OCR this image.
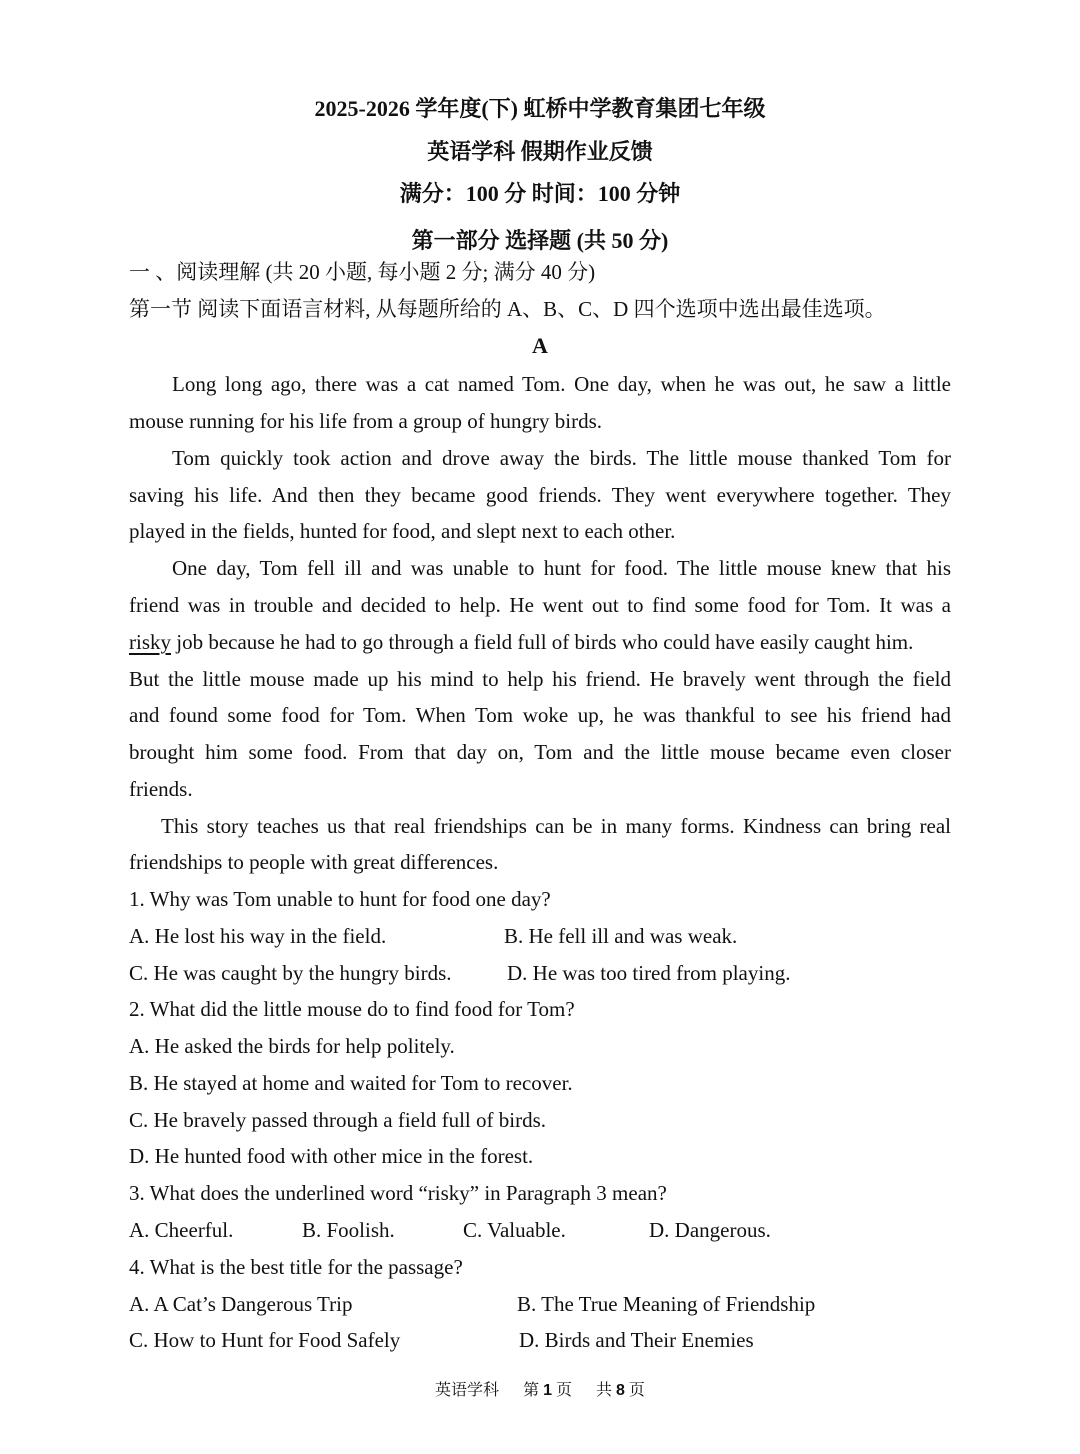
2025-2026 学年度(下) 虹桥中学教育集团七年级
英语学科 假期作业反馈
满分：100 分 时间：100 分钟
第一部分 选择题 (共 50 分)
一 、阅读理解 (共 20 小题, 每小题 2 分; 满分 40 分)
第一节 阅读下面语言材料, 从每题所给的 A、B、C、D 四个选项中选出最佳选项。
A
Long long ago, there was a cat named Tom. One day, when he was out, he saw a little
mouse running for his life from a group of hungry birds.
Tom quickly took action and drove away the birds. The little mouse thanked Tom for
saving his life. And then they became good friends. They went everywhere together. They
played in the fields, hunted for food, and slept next to each other.
One day, Tom fell ill and was unable to hunt for food. The little mouse knew that his
friend was in trouble and decided to help. He went out to find some food for Tom. It was a
risky job because he had to go through a field full of birds who could have easily caught him.
But the little mouse made up his mind to help his friend. He bravely went through the field
and found some food for Tom. When Tom woke up, he was thankful to see his friend had
brought him some food. From that day on, Tom and the little mouse became even closer
friends.
This story teaches us that real friendships can be in many forms. Kindness can bring real
friendships to people with great differences.
1. Why was Tom unable to hunt for food one day?
A. He lost his way in the field.	B. He fell ill and was weak.
C. He was caught by the hungry birds.	D. He was too tired from playing.
2. What did the little mouse do to find food for Tom?
A. He asked the birds for help politely.
B. He stayed at home and waited for Tom to recover.
C. He bravely passed through a field full of birds.
D. He hunted food with other mice in the forest.
3. What does the underlined word “risky” in Paragraph 3 mean?
A. Cheerful.	B. Foolish.	C. Valuable.	D. Dangerous.
4. What is the best title for the passage?
A. A Cat’s Dangerous Trip	B. The True Meaning of Friendship
C. How to Hunt for Food Safely	D. Birds and Their Enemies
英语学科 第 1 页 共 8 页
